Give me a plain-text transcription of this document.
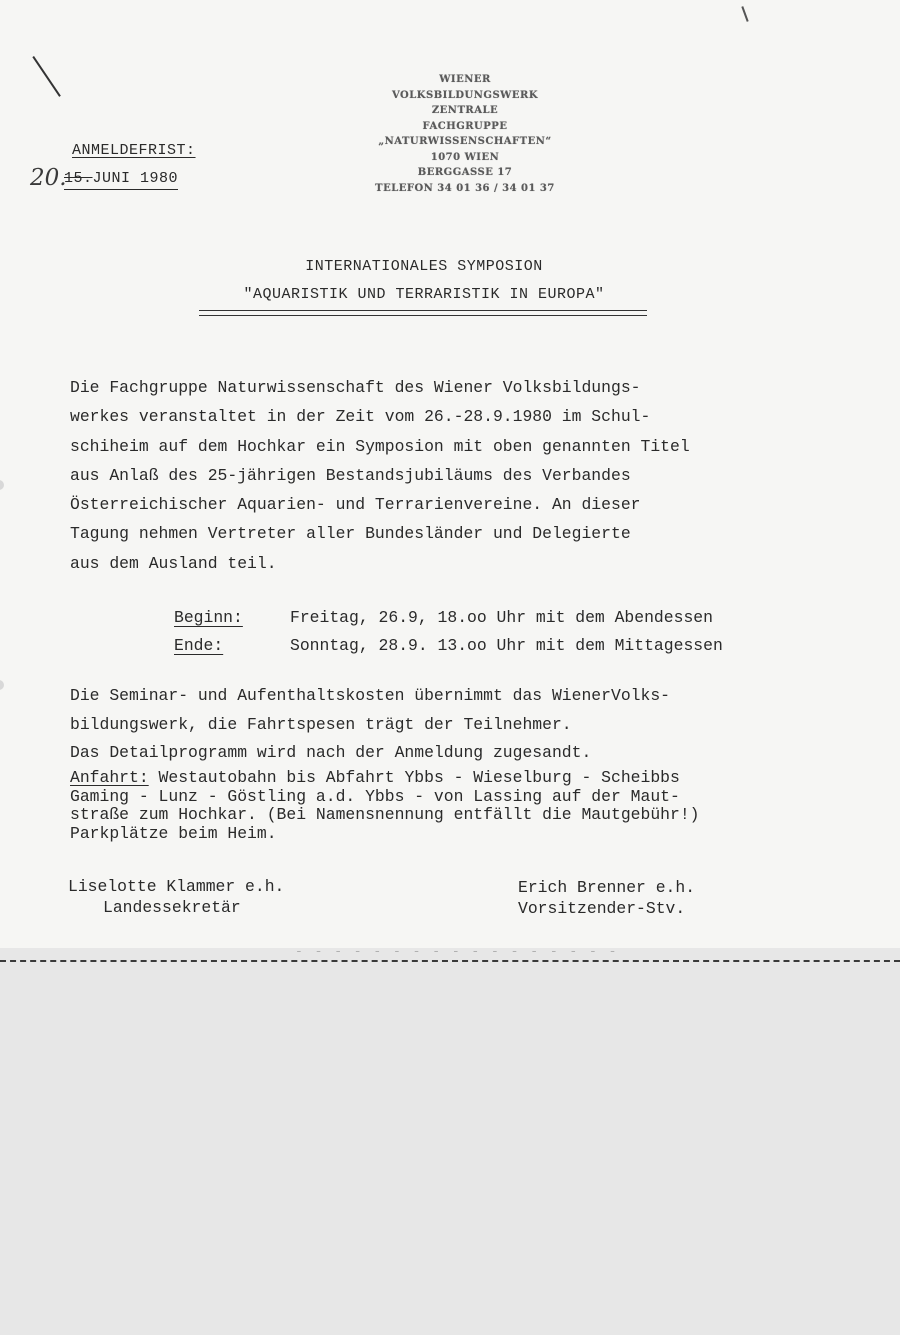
- - - - - - - - - - - - - - - - -
WIENER
VOLKSBILDUNGSWERK
ZENTRALE
FACHGRUPPE
„NATURWISSENSCHAFTEN“
1070 WIEN
BERGGASSE 17
TELEFON 34 01 36 / 34 01 37
ANMELDEFRIST:
20.
15.JUNI 1980
INTERNATIONALES SYMPOSION
"AQUARISTIK UND TERRARISTIK IN EUROPA"
Die Fachgruppe Naturwissenschaft des Wiener Volksbildungs-
werkes veranstaltet in der Zeit vom 26.-28.9.1980 im Schul-
schiheim auf dem Hochkar ein Symposion mit oben genannten Titel
aus Anlaß des 25-jährigen Bestandsjubiläums des Verbandes
Österreichischer Aquarien- und Terrarienvereine. An dieser
Tagung nehmen Vertreter aller Bundesländer und Delegierte
aus dem Ausland teil.
Beginn:	Freitag, 26.9, 18.oo Uhr mit dem Abendessen
Ende:	Sonntag, 28.9. 13.oo Uhr mit dem Mittagessen
Die Seminar- und Aufenthaltskosten übernimmt das WienerVolks-
bildungswerk, die Fahrtspesen trägt der Teilnehmer.
Das Detailprogramm wird nach der Anmeldung zugesandt.
Anfahrt: Westautobahn bis Abfahrt Ybbs - Wieselburg - Scheibbs
Gaming - Lunz - Göstling a.d. Ybbs - von Lassing auf der Maut-
straße zum Hochkar. (Bei Namensnennung entfällt die Mautgebühr!)
Parkplätze beim Heim.
Liselotte Klammer e.h.
Landessekretär
Erich Brenner e.h.
Vorsitzender-Stv.
